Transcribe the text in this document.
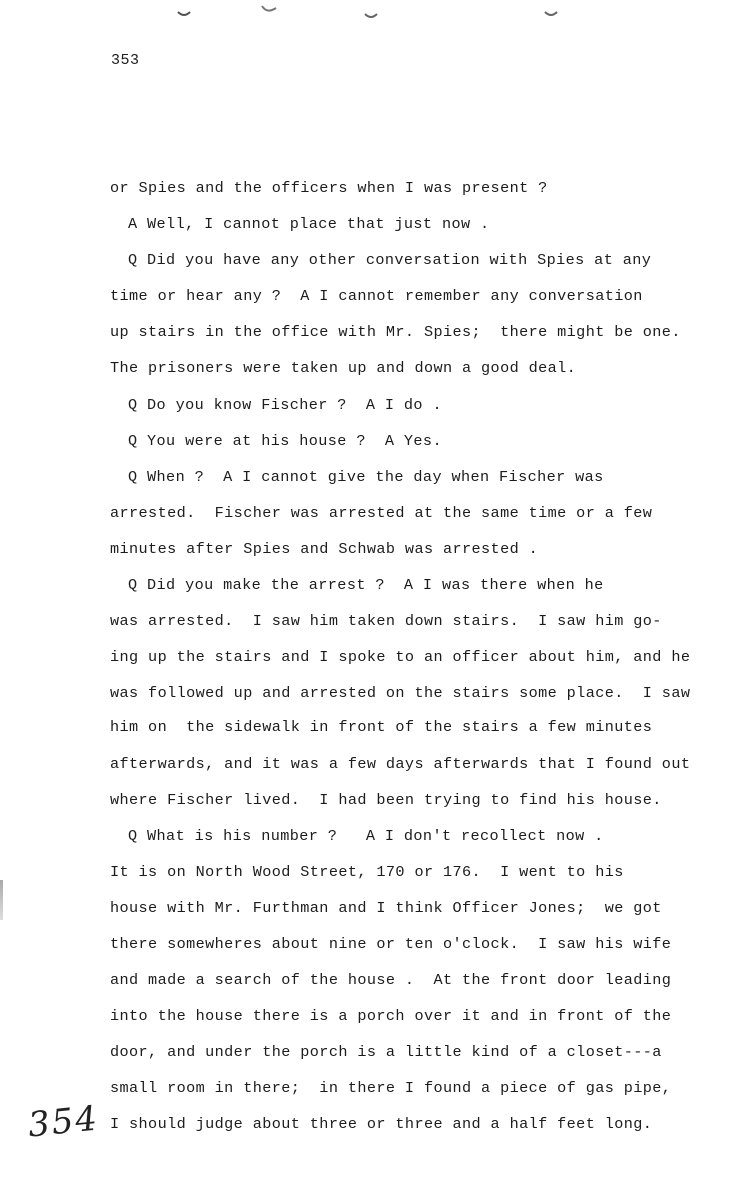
353
or Spies and the officers when I was present ?
A Well, I cannot place that just now .
Q Did you have any other conversation with Spies at any
time or hear any ?  A I cannot remember any conversation
up stairs in the office with Mr. Spies;  there might be one.
The prisoners were taken up and down a good deal.
Q Do you know Fischer ?  A I do .
Q You were at his house ?  A Yes.
Q When ?  A I cannot give the day when Fischer was
arrested.  Fischer was arrested at the same time or a few
minutes after Spies and Schwab was arrested .
Q Did you make the arrest ?  A I was there when he
was arrested.  I saw him taken down stairs.  I saw him go-
ing up the stairs and I spoke to an officer about him, and he
was followed up and arrested on the stairs some place.  I saw
him on  the sidewalk in front of the stairs a few minutes
afterwards, and it was a few days afterwards that I found out
where Fischer lived.  I had been trying to find his house.
Q What is his number ?   A I don't recollect now .
It is on North Wood Street, 170 or 176.  I went to his
house with Mr. Furthman and I think Officer Jones;  we got
there somewheres about nine or ten o'clock.  I saw his wife
and made a search of the house .  At the front door leading
into the house there is a porch over it and in front of the
door, and under the porch is a little kind of a closet---a
small room in there;  in there I found a piece of gas pipe,
I should judge about three or three and a half feet long.
354
